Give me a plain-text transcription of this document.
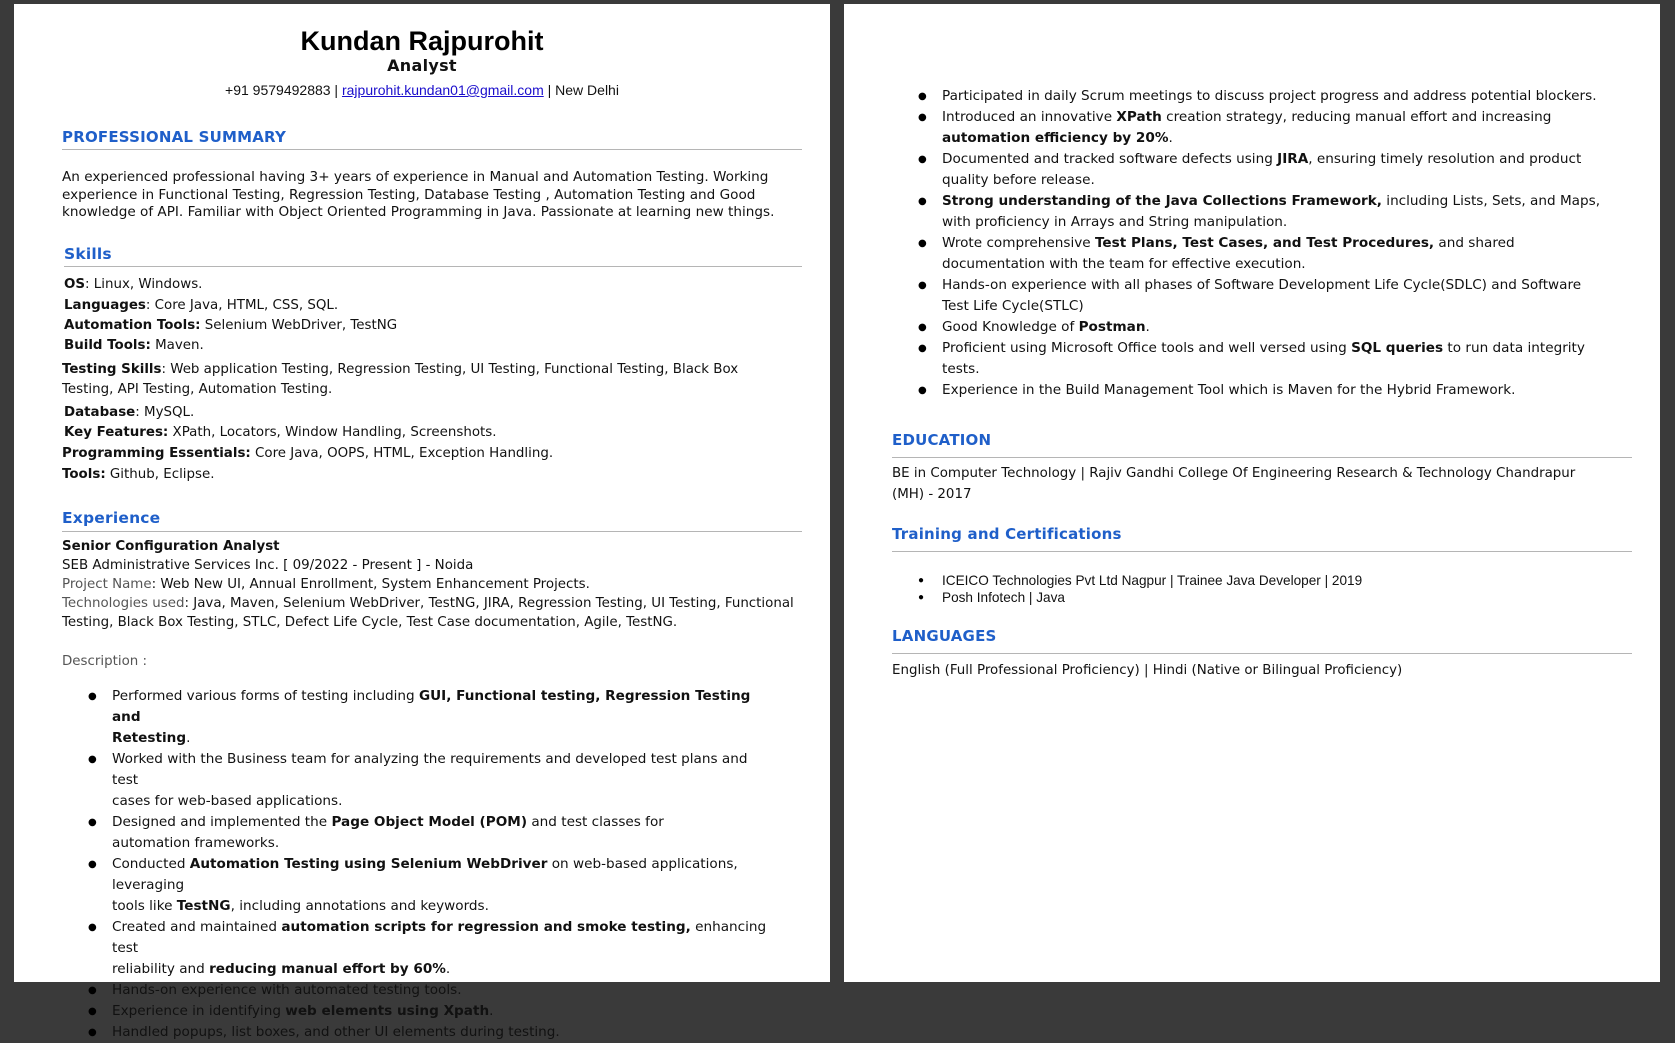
Kundan Rajpurohit
Analyst
+91 9579492883 | rajpurohit.kundan01@gmail.com | New Delhi
PROFESSIONAL SUMMARY
An experienced professional having 3+ years of experience in Manual and Automation Testing. Working experience in Functional Testing, Regression Testing, Database Testing , Automation Testing and Good knowledge of API. Familiar with Object Oriented Programming in Java. Passionate at learning new things.
Skills
OS: Linux, Windows.
Languages: Core Java, HTML, CSS, SQL.
Automation Tools: Selenium WebDriver, TestNG
Build Tools: Maven.
Testing Skills: Web application Testing, Regression Testing, UI Testing, Functional Testing, Black Box
Testing, API Testing, Automation Testing.
Database: MySQL.
Key Features: XPath, Locators, Window Handling, Screenshots.
Programming Essentials: Core Java, OOPS, HTML, Exception Handling.
Tools: Github, Eclipse.
Experience
Senior Configuration Analyst
SEB Administrative Services Inc. [ 09/2022 - Present ] - Noida
Project Name: Web New UI, Annual Enrollment, System Enhancement Projects.
Technologies used: Java, Maven, Selenium WebDriver, TestNG, JIRA, Regression Testing, UI Testing, Functional
Testing, Black Box Testing, STLC, Defect Life Cycle, Test Case documentation, Agile, TestNG.
Description :
● Performed various forms of testing including GUI, Functional testing, Regression Testing and
Retesting.
● Worked with the Business team for analyzing the requirements and developed test plans and test
cases for web-based applications.
● Designed and implemented the Page Object Model (POM) and test classes for
automation frameworks.
● Conducted Automation Testing using Selenium WebDriver on web-based applications, leveraging
tools like TestNG, including annotations and keywords.
● Created and maintained automation scripts for regression and smoke testing, enhancing test
reliability and reducing manual effort by 60%.
● Hands-on experience with automated testing tools.
● Experience in identifying web elements using Xpath.
● Handled popups, list boxes, and other UI elements during testing.
● Participated in daily Scrum meetings to discuss project progress and address potential blockers.
● Introduced an innovative XPath creation strategy, reducing manual effort and increasing
automation efficiency by 20%.
● Documented and tracked software defects using JIRA, ensuring timely resolution and product
quality before release.
● Strong understanding of the Java Collections Framework, including Lists, Sets, and Maps,
with proficiency in Arrays and String manipulation.
● Wrote comprehensive Test Plans, Test Cases, and Test Procedures, and shared
documentation with the team for effective execution.
● Hands-on experience with all phases of Software Development Life Cycle(SDLC) and Software
Test Life Cycle(STLC)
● Good Knowledge of Postman.
● Proficient using Microsoft Office tools and well versed using SQL queries to run data integrity
tests.
● Experience in the Build Management Tool which is Maven for the Hybrid Framework.
EDUCATION
BE in Computer Technology | Rajiv Gandhi College Of Engineering Research & Technology Chandrapur
(MH) - 2017
Training and Certifications
● ICEICO Technologies Pvt Ltd Nagpur | Trainee Java Developer | 2019
● Posh Infotech | Java
LANGUAGES
English (Full Professional Proficiency) | Hindi (Native or Bilingual Proficiency)
